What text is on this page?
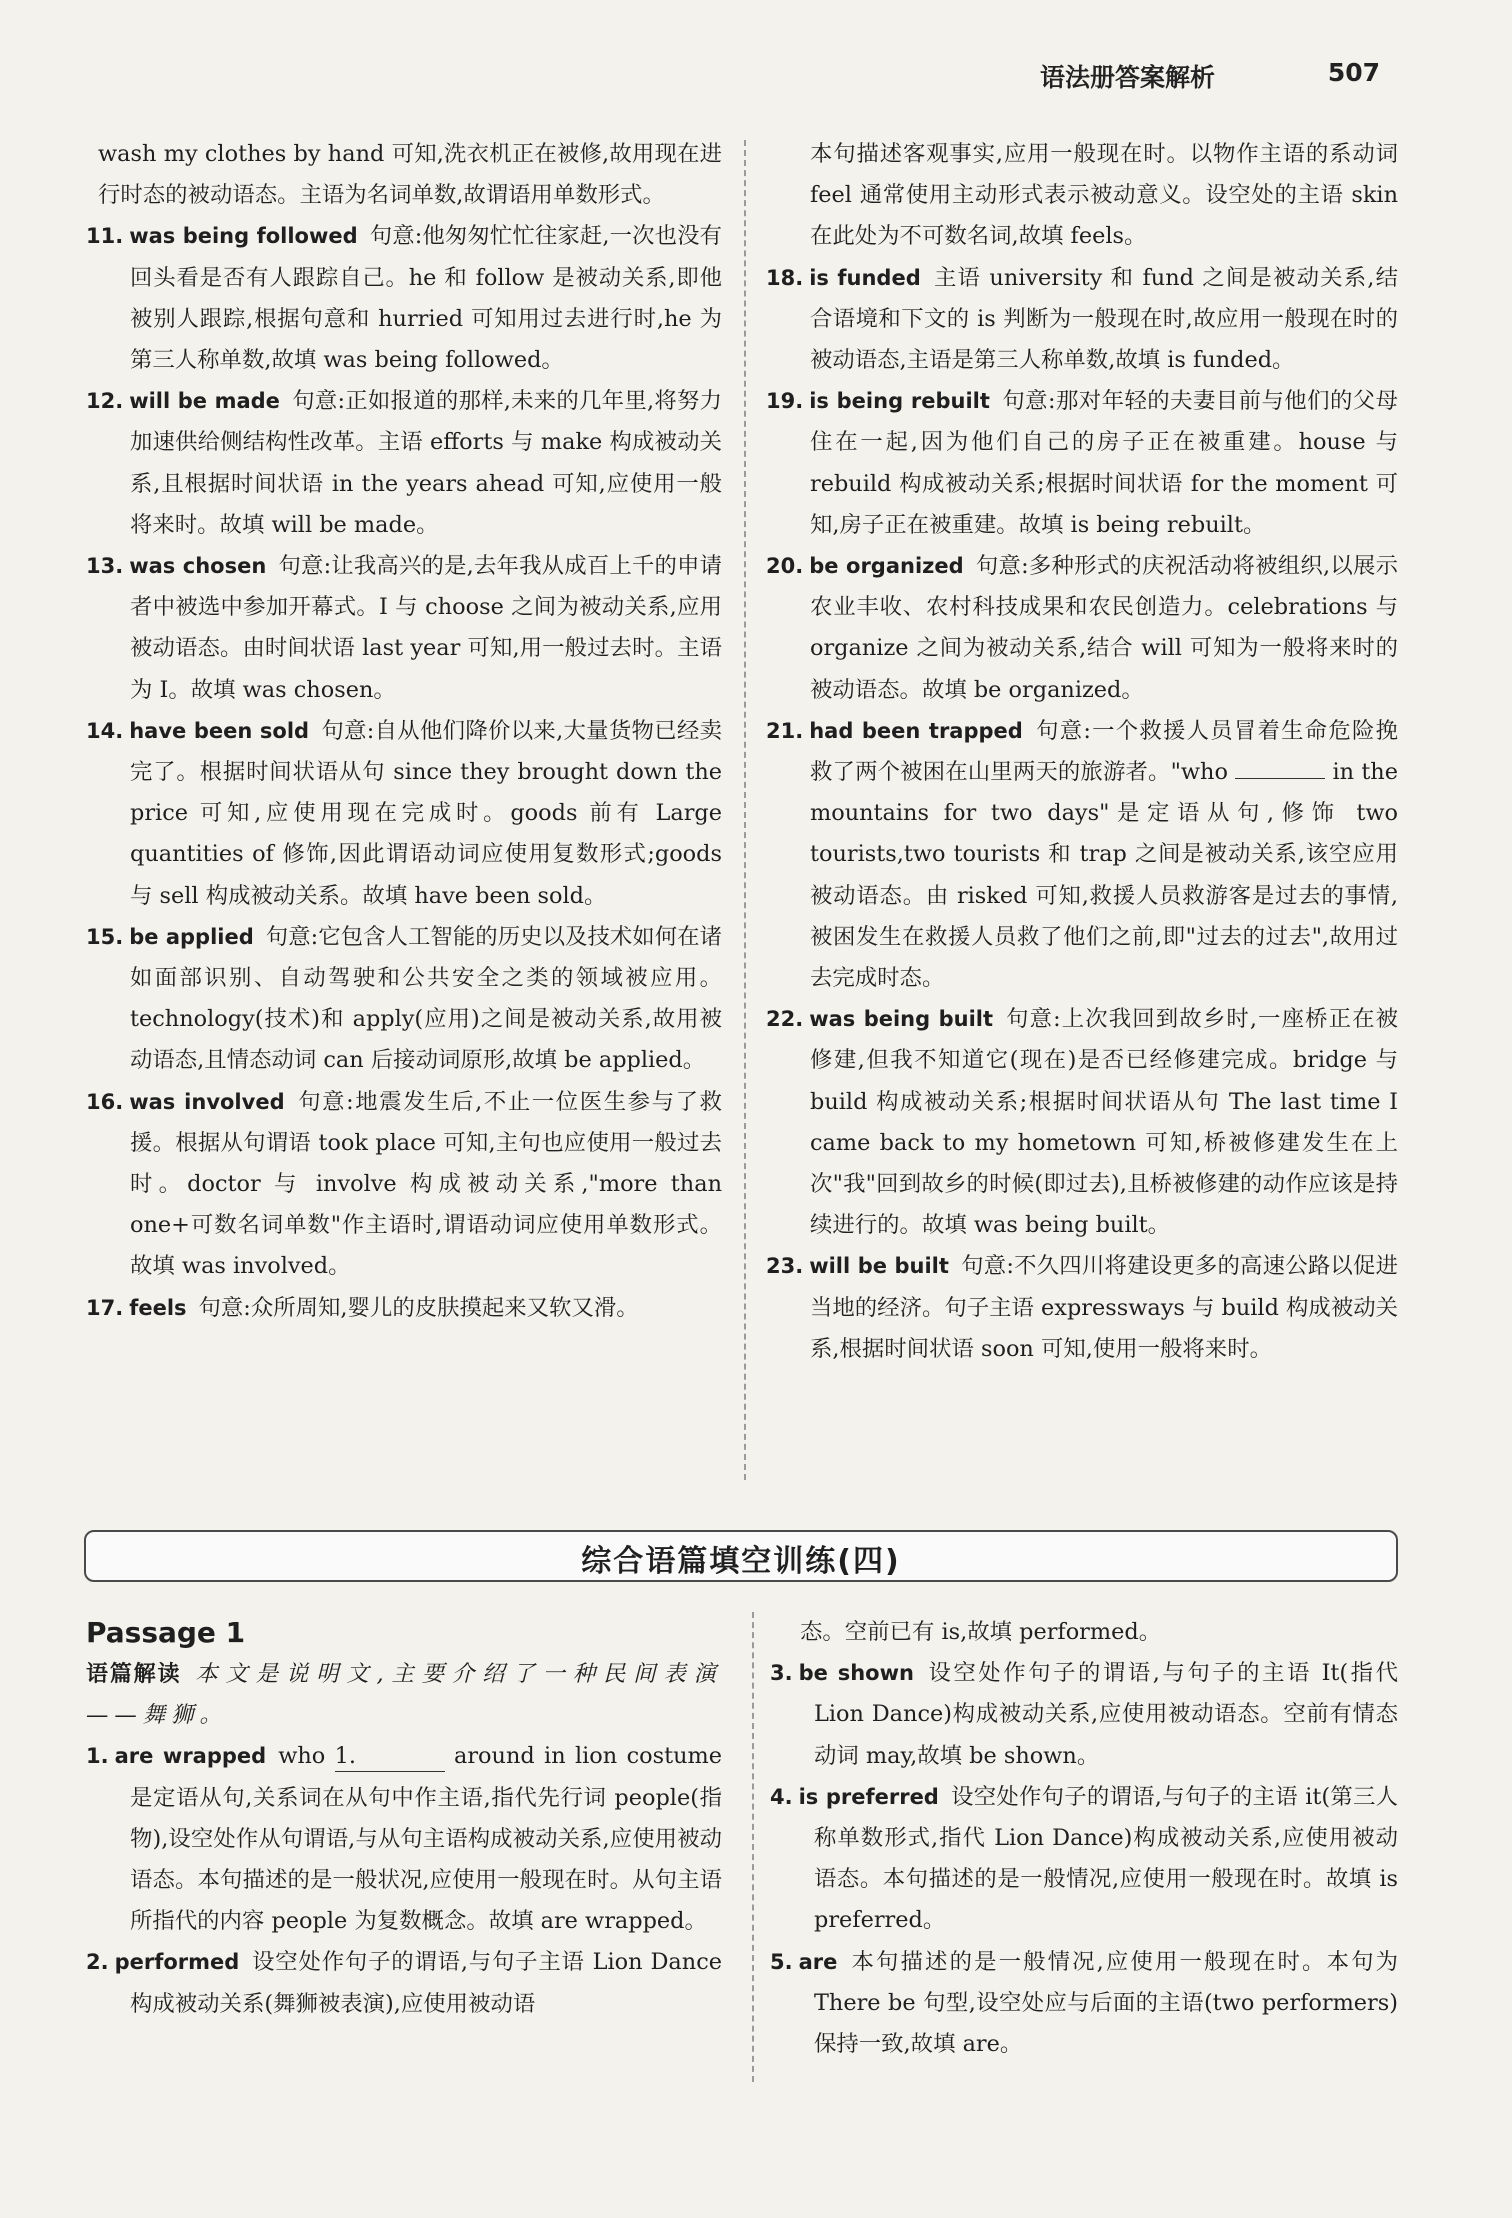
语法册答案解析	507

wash my clothes by hand 可知,洗衣机正在被修,故用现在进行时态的被动语态。主语为名词单数,故谓语用单数形式。

11. was being followed 句意:他匆匆忙忙往家赶,一次也没有回头看是否有人跟踪自己。he 和 follow 是被动关系,即他被别人跟踪,根据句意和 hurried 可知用过去进行时,he 为第三人称单数,故填 was being followed。

12. will be made 句意:正如报道的那样,未来的几年里,将努力加速供给侧结构性改革。主语 efforts 与 make 构成被动关系,且根据时间状语 in the years ahead 可知,应使用一般将来时。故填 will be made。

13. was chosen 句意:让我高兴的是,去年我从成百上千的申请者中被选中参加开幕式。I 与 choose 之间为被动关系,应用被动语态。由时间状语 last year 可知,用一般过去时。主语为 I。故填 was chosen。

14. have been sold 句意:自从他们降价以来,大量货物已经卖完了。根据时间状语从句 since they brought down the price 可知,应使用现在完成时。goods 前有 Large quantities of 修饰,因此谓语动词应使用复数形式;goods 与 sell 构成被动关系。故填 have been sold。

15. be applied 句意:它包含人工智能的历史以及技术如何在诸如面部识别、自动驾驶和公共安全之类的领域被应用。technology(技术)和 apply(应用)之间是被动关系,故用被动语态,且情态动词 can 后接动词原形,故填 be applied。

16. was involved 句意:地震发生后,不止一位医生参与了救援。根据从句谓语 took place 可知,主句也应使用一般过去时。doctor 与 involve 构成被动关系,"more than one+可数名词单数"作主语时,谓语动词应使用单数形式。故填 was involved。

17. feels 句意:众所周知,婴儿的皮肤摸起来又软又滑。

本句描述客观事实,应用一般现在时。以物作主语的系动词 feel 通常使用主动形式表示被动意义。设空处的主语 skin 在此处为不可数名词,故填 feels。

18. is funded 主语 university 和 fund 之间是被动关系,结合语境和下文的 is 判断为一般现在时,故应用一般现在时的被动语态,主语是第三人称单数,故填 is funded。

19. is being rebuilt 句意:那对年轻的夫妻目前与他们的父母住在一起,因为他们自己的房子正在被重建。house 与 rebuild 构成被动关系;根据时间状语 for the moment 可知,房子正在被重建。故填 is being rebuilt。

20. be organized 句意:多种形式的庆祝活动将被组织,以展示农业丰收、农村科技成果和农民创造力。celebrations 与 organize 之间为被动关系,结合 will 可知为一般将来时的被动语态。故填 be organized。

21. had been trapped 句意:一个救援人员冒着生命危险挽救了两个被困在山里两天的旅游者。"who	in the mountains for two days"是定语从句,修饰 two tourists,two tourists 和 trap 之间是被动关系,该空应用被动语态。由 risked 可知,救援人员救游客是过去的事情,被困发生在救援人员救了他们之前,即"过去的过去",故用过去完成时态。

22. was being built 句意:上次我回到故乡时,一座桥正在被修建,但我不知道它(现在)是否已经修建完成。bridge 与 build 构成被动关系;根据时间状语从句 The last time I came back to my hometown 可知,桥被修建发生在上次"我"回到故乡的时候(即过去),且桥被修建的动作应该是持续进行的。故填 was being built。

23. will be built 句意:不久四川将建设更多的高速公路以促进当地的经济。句子主语 expressways 与 build 构成被动关系,根据时间状语 soon 可知,使用一般将来时。

综合语篇填空训练(四)

Passage 1

语篇解读 本文是说明文,主要介绍了一种民间表演——舞狮。

1. are wrapped who 1.	around in lion costume 是定语从句,关系词在从句中作主语,指代先行词 people(指物),设空处作从句谓语,与从句主语构成被动关系,应使用被动语态。本句描述的是一般状况,应使用一般现在时。从句主语所指代的内容 people 为复数概念。故填 are wrapped。

2. performed 设空处作句子的谓语,与句子主语 Lion Dance 构成被动关系(舞狮被表演),应使用被动语

态。空前已有 is,故填 performed。

3. be shown 设空处作句子的谓语,与句子的主语 It(指代 Lion Dance)构成被动关系,应使用被动语态。空前有情态动词 may,故填 be shown。

4. is preferred 设空处作句子的谓语,与句子的主语 it(第三人称单数形式,指代 Lion Dance)构成被动关系,应使用被动语态。本句描述的是一般情况,应使用一般现在时。故填 is preferred。

5. are 本句描述的是一般情况,应使用一般现在时。本句为 There be 句型,设空处应与后面的主语(two performers)保持一致,故填 are。
